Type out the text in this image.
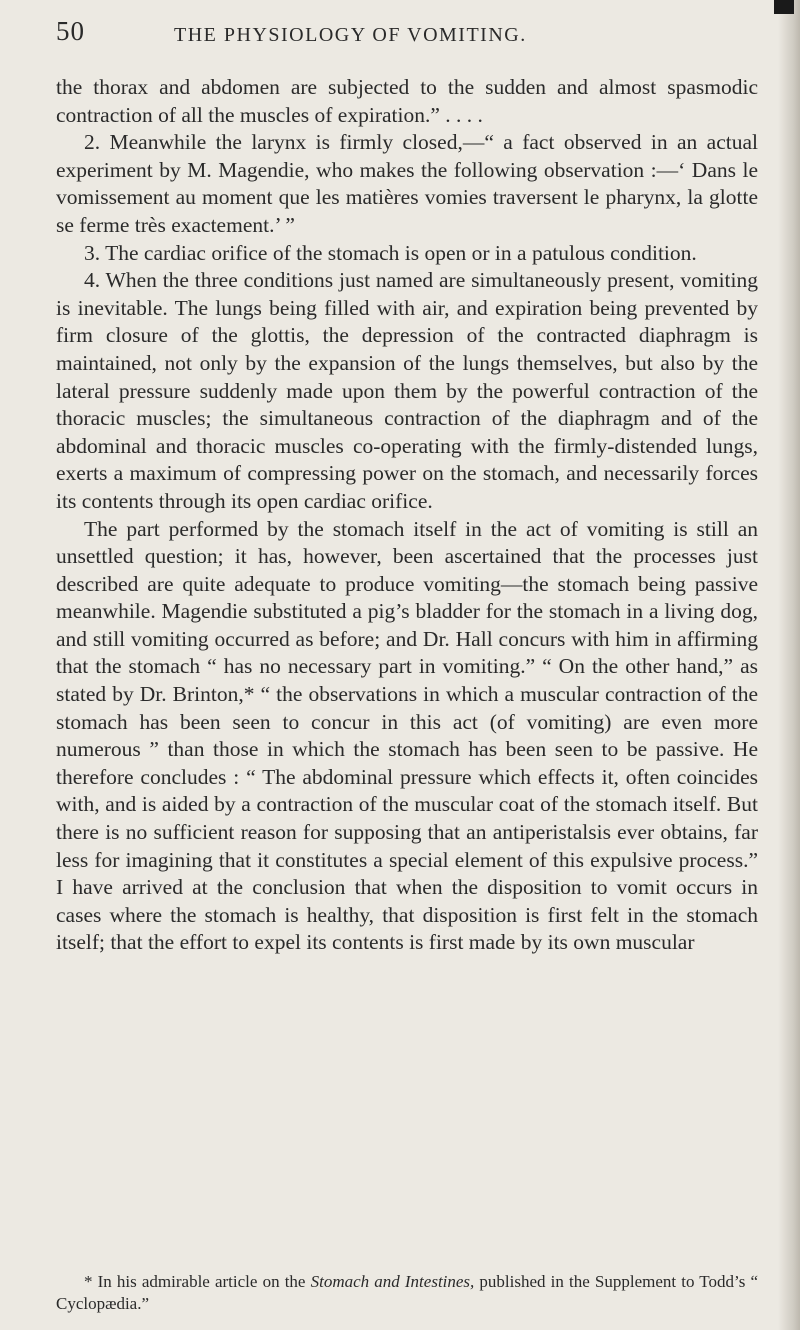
50	THE PHYSIOLOGY OF VOMITING.

the thorax and abdomen are subjected to the sudden and almost spasmodic contraction of all the muscles of expiration.” . . . .

2. Meanwhile the larynx is firmly closed,—“ a fact observed in an actual experiment by M. Magendie, who makes the following observation :—‘ Dans le vomissement au moment que les matières vomies traversent le pharynx, la glotte se ferme très exactement.’ ”

3. The cardiac orifice of the stomach is open or in a patulous condition.

4. When the three conditions just named are simultaneously present, vomiting is inevitable. The lungs being filled with air, and expiration being prevented by firm closure of the glottis, the depression of the contracted diaphragm is maintained, not only by the expansion of the lungs themselves, but also by the lateral pressure suddenly made upon them by the powerful contraction of the thoracic muscles; the simultaneous contraction of the diaphragm and of the abdominal and thoracic muscles co-operating with the firmly-distended lungs, exerts a maximum of compressing power on the stomach, and necessarily forces its contents through its open cardiac orifice.

The part performed by the stomach itself in the act of vomiting is still an unsettled question; it has, however, been ascertained that the processes just described are quite adequate to produce vomiting—the stomach being passive meanwhile. Magendie substituted a pig’s bladder for the stomach in a living dog, and still vomiting occurred as before; and Dr. Hall concurs with him in affirming that the stomach “ has no necessary part in vomiting.” “ On the other hand,” as stated by Dr. Brinton,* “ the observations in which a muscular contraction of the stomach has been seen to concur in this act (of vomiting) are even more numerous ” than those in which the stomach has been seen to be passive. He therefore concludes : “ The abdominal pressure which effects it, often coincides with, and is aided by a contraction of the muscular coat of the stomach itself. But there is no sufficient reason for supposing that an antiperistalsis ever obtains, far less for imagining that it constitutes a special element of this expulsive process.” I have arrived at the conclusion that when the disposition to vomit occurs in cases where the stomach is healthy, that disposition is first felt in the stomach itself; that the effort to expel its contents is first made by its own muscular

* In his admirable article on the Stomach and Intestines, published in the Supplement to Todd’s “ Cyclopædia.”
